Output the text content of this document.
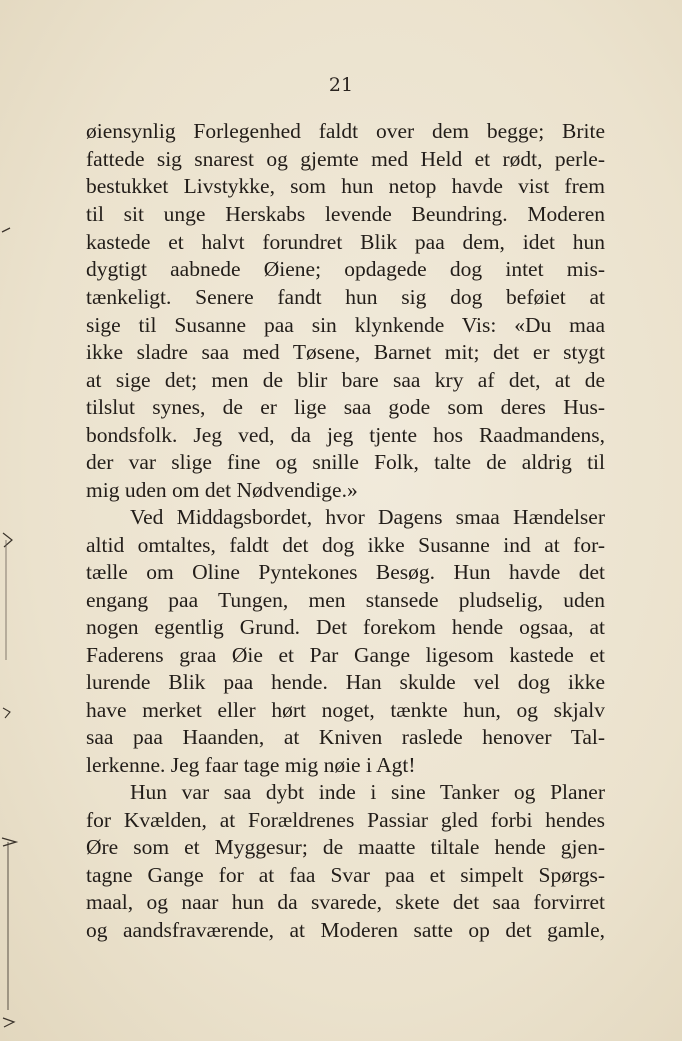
21
øiensynlig Forlegenhed faldt over dem begge; Brite
fattede sig snarest og gjemte med Held et rødt, perle-
bestukket Livstykke, som hun netop havde vist frem
til sit unge Herskabs levende Beundring. Moderen
kastede et halvt forundret Blik paa dem, idet hun
dygtigt aabnede Øiene; opdagede dog intet mis-
tænkeligt. Senere fandt hun sig dog beføiet at
sige til Susanne paa sin klynkende Vis: «Du maa
ikke sladre saa med Tøsene, Barnet mit; det er stygt
at sige det; men de blir bare saa kry af det, at de
tilslut synes, de er lige saa gode som deres Hus-
bondsfolk. Jeg ved, da jeg tjente hos Raadmandens,
der var slige fine og snille Folk, talte de aldrig til
mig uden om det Nødvendige.»
Ved Middagsbordet, hvor Dagens smaa Hændelser
altid omtaltes, faldt det dog ikke Susanne ind at for-
tælle om Oline Pyntekones Besøg. Hun havde det
engang paa Tungen, men stansede pludselig, uden
nogen egentlig Grund. Det forekom hende ogsaa, at
Faderens graa Øie et Par Gange ligesom kastede et
lurende Blik paa hende. Han skulde vel dog ikke
have merket eller hørt noget, tænkte hun, og skjalv
saa paa Haanden, at Kniven raslede henover Tal-
lerkenne. Jeg faar tage mig nøie i Agt!
Hun var saa dybt inde i sine Tanker og Planer
for Kvælden, at Forældrenes Passiar gled forbi hendes
Øre som et Myggesur; de maatte tiltale hende gjen-
tagne Gange for at faa Svar paa et simpelt Spørgs-
maal, og naar hun da svarede, skete det saa forvirret
og aandsfraværende, at Moderen satte op det gamle,
